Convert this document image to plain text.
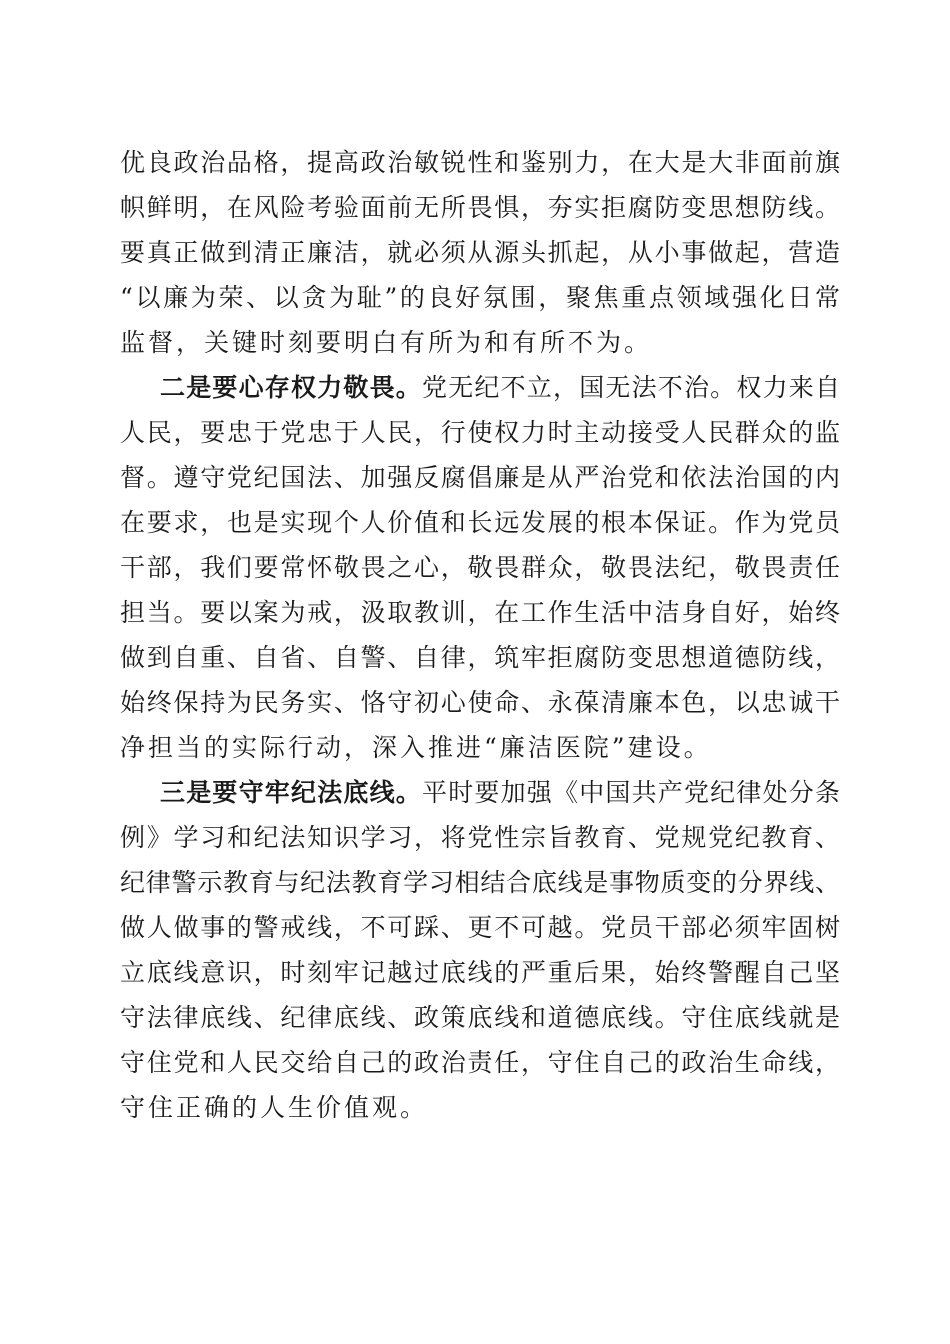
优良政治品格，提高政治敏锐性和鉴别力，在大是大非面前旗
帜鲜明，在风险考验面前无所畏惧，夯实拒腐防变思想防线。
要真正做到清正廉洁，就必须从源头抓起，从小事做起，营造
“以廉为荣、以贪为耻”的良好氛围，聚焦重点领域强化日常
监督，关键时刻要明白有所为和有所不为。
二是要心存权力敬畏。党无纪不立，国无法不治。权力来自
人民，要忠于党忠于人民，行使权力时主动接受人民群众的监
督。遵守党纪国法、加强反腐倡廉是从严治党和依法治国的内
在要求，也是实现个人价值和长远发展的根本保证。作为党员
干部，我们要常怀敬畏之心，敬畏群众，敬畏法纪，敬畏责任
担当。要以案为戒，汲取教训，在工作生活中洁身自好，始终
做到自重、自省、自警、自律，筑牢拒腐防变思想道德防线，
始终保持为民务实、恪守初心使命、永葆清廉本色，以忠诚干
净担当的实际行动，深入推进“廉洁医院”建设。
三是要守牢纪法底线。平时要加强《中国共产党纪律处分条
例》学习和纪法知识学习，将党性宗旨教育、党规党纪教育、
纪律警示教育与纪法教育学习相结合底线是事物质变的分界线、
做人做事的警戒线，不可踩、更不可越。党员干部必须牢固树
立底线意识，时刻牢记越过底线的严重后果，始终警醒自己坚
守法律底线、纪律底线、政策底线和道德底线。守住底线就是
守住党和人民交给自己的政治责任，守住自己的政治生命线，
守住正确的人生价值观。
